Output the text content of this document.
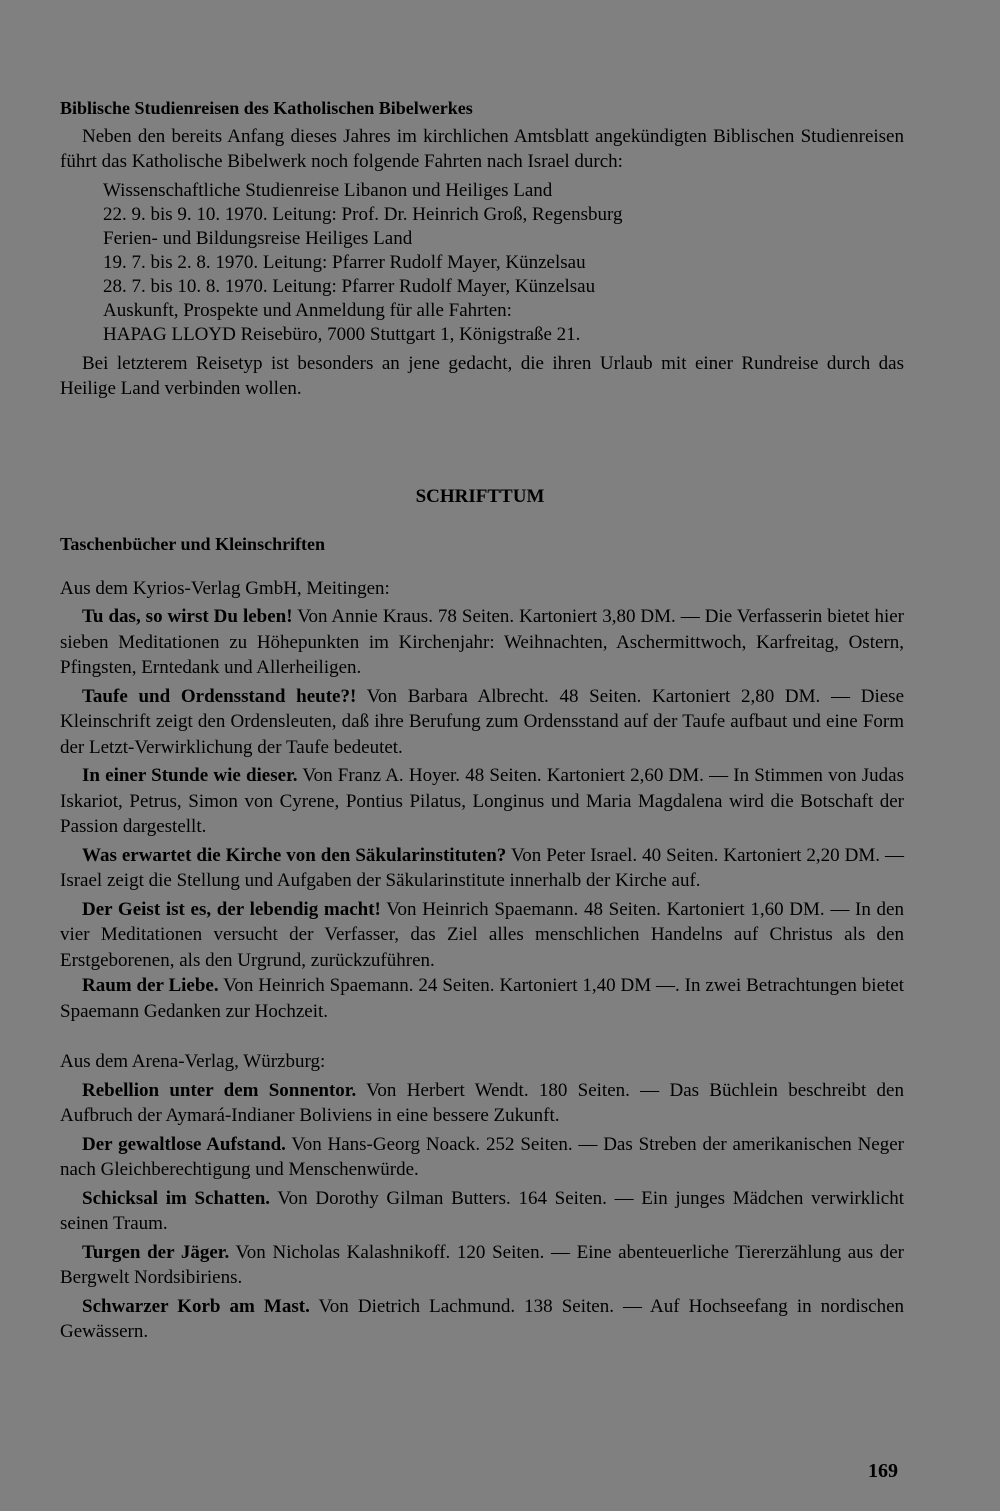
Biblische Studienreisen des Katholischen Bibelwerkes

Neben den bereits Anfang dieses Jahres im kirchlichen Amtsblatt angekündigten Biblischen Studienreisen führt das Katholische Bibelwerk noch folgende Fahrten nach Israel durch:

Wissenschaftliche Studienreise Libanon und Heiliges Land

22. 9. bis 9. 10. 1970. Leitung: Prof. Dr. Heinrich Groß, Regensburg

Ferien- und Bildungsreise Heiliges Land

19. 7. bis 2. 8. 1970. Leitung: Pfarrer Rudolf Mayer, Künzelsau

28. 7. bis 10. 8. 1970. Leitung: Pfarrer Rudolf Mayer, Künzelsau

Auskunft, Prospekte und Anmeldung für alle Fahrten:

HAPAG LLOYD Reisebüro, 7000 Stuttgart 1, Königstraße 21.

Bei letzterem Reisetyp ist besonders an jene gedacht, die ihren Urlaub mit einer Rundreise durch das Heilige Land verbinden wollen.

SCHRIFTTUM

Taschenbücher und Kleinschriften

Aus dem Kyrios-Verlag GmbH, Meitingen:

Tu das, so wirst Du leben! Von Annie Kraus. 78 Seiten. Kartoniert 3,80 DM. — Die Verfasserin bietet hier sieben Meditationen zu Höhepunkten im Kirchenjahr: Weihnachten, Aschermittwoch, Karfreitag, Ostern, Pfingsten, Erntedank und Allerheiligen.

Taufe und Ordensstand heute?! Von Barbara Albrecht. 48 Seiten. Kartoniert 2,80 DM. — Diese Kleinschrift zeigt den Ordensleuten, daß ihre Berufung zum Ordensstand auf der Taufe aufbaut und eine Form der Letzt-Verwirklichung der Taufe bedeutet.

In einer Stunde wie dieser. Von Franz A. Hoyer. 48 Seiten. Kartoniert 2,60 DM. — In Stimmen von Judas Iskariot, Petrus, Simon von Cyrene, Pontius Pilatus, Longinus und Maria Magdalena wird die Botschaft der Passion dargestellt.

Was erwartet die Kirche von den Säkularinstituten? Von Peter Israel. 40 Seiten. Kartoniert 2,20 DM. — Israel zeigt die Stellung und Aufgaben der Säkularinstitute innerhalb der Kirche auf.

Der Geist ist es, der lebendig macht! Von Heinrich Spaemann. 48 Seiten. Kartoniert 1,60 DM. — In den vier Meditationen versucht der Verfasser, das Ziel alles menschlichen Handelns auf Christus als den Erstgeborenen, als den Urgrund, zurückzuführen.

Raum der Liebe. Von Heinrich Spaemann. 24 Seiten. Kartoniert 1,40 DM —. In zwei Betrachtungen bietet Spaemann Gedanken zur Hochzeit.

Aus dem Arena-Verlag, Würzburg:

Rebellion unter dem Sonnentor. Von Herbert Wendt. 180 Seiten. — Das Büchlein beschreibt den Aufbruch der Aymará-Indianer Boliviens in eine bessere Zukunft.

Der gewaltlose Aufstand. Von Hans-Georg Noack. 252 Seiten. — Das Streben der amerikanischen Neger nach Gleichberechtigung und Menschenwürde.

Schicksal im Schatten. Von Dorothy Gilman Butters. 164 Seiten. — Ein junges Mädchen verwirklicht seinen Traum.

Turgen der Jäger. Von Nicholas Kalashnikoff. 120 Seiten. — Eine abenteuerliche Tiererzählung aus der Bergwelt Nordsibiriens.

Schwarzer Korb am Mast. Von Dietrich Lachmund. 138 Seiten. — Auf Hochseefang in nordischen Gewässern.

169
